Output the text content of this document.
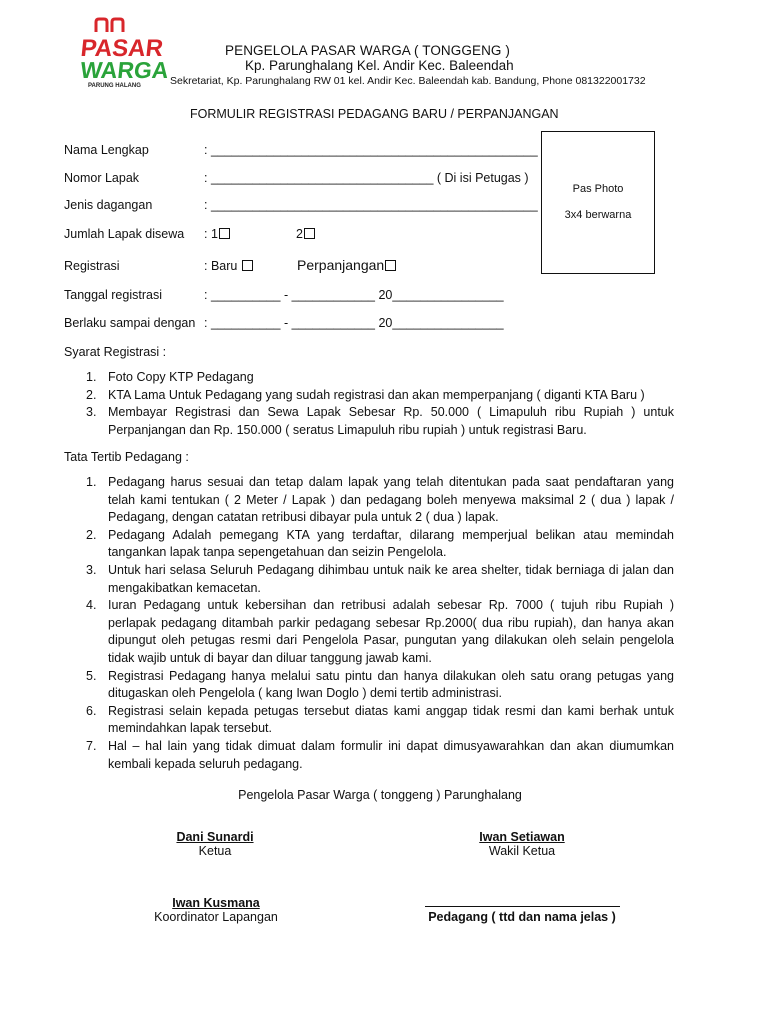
PASAR
WARGA
PARUNG HALANG
PENGELOLA PASAR WARGA ( TONGGENG )
Kp. Parunghalang Kel. Andir Kec. Baleendah
Sekretariat, Kp. Parunghalang RW 01 kel. Andir Kec. Baleendah kab. Bandung, Phone 081322001732
FORMULIR REGISTRASI PEDAGANG BARU / PERPANJANGAN
Nama Lengkap	: _______________________________________________
Nomor Lapak	: ________________________________ ( Di isi Petugas )
Jenis dagangan	: _______________________________________________
Jumlah Lapak disewa : 1	2
Registrasi	: Baru	Perpanjangan
Tanggal registrasi	: __________ - ____________ 20________________
Berlaku sampai dengan : __________ - ____________ 20________________
Pas Photo
3x4 berwarna
Syarat Registrasi :
1. Foto Copy KTP Pedagang
2. KTA Lama Untuk Pedagang yang sudah registrasi dan akan memperpanjang ( diganti KTA Baru )
3. Membayar Registrasi dan Sewa Lapak Sebesar Rp. 50.000 ( Limapuluh ribu Rupiah ) untuk Perpanjangan dan Rp. 150.000 ( seratus Limapuluh ribu rupiah ) untuk registrasi Baru.
Tata Tertib Pedagang :
1. Pedagang harus sesuai dan tetap dalam lapak yang telah ditentukan pada saat pendaftaran yang telah kami tentukan ( 2 Meter / Lapak ) dan pedagang boleh menyewa maksimal 2 ( dua ) lapak / Pedagang, dengan catatan retribusi dibayar pula untuk 2 ( dua ) lapak.
2. Pedagang Adalah pemegang KTA yang terdaftar, dilarang memperjual belikan atau memindah tangankan lapak tanpa sepengetahuan dan seizin Pengelola.
3. Untuk hari selasa Seluruh Pedagang dihimbau untuk naik ke area shelter, tidak berniaga di jalan dan mengakibatkan kemacetan.
4. Iuran Pedagang untuk kebersihan dan retribusi adalah sebesar Rp. 7000 ( tujuh ribu Rupiah ) perlapak pedagang ditambah parkir pedagang sebesar Rp.2000( dua ribu rupiah), dan hanya akan dipungut oleh petugas resmi dari Pengelola Pasar, pungutan yang dilakukan oleh selain pengelola tidak wajib untuk di bayar dan diluar tanggung jawab kami.
5. Registrasi Pedagang hanya melalui satu pintu dan hanya dilakukan oleh satu orang petugas yang ditugaskan oleh Pengelola ( kang Iwan Doglo ) demi tertib administrasi.
6. Registrasi selain kepada petugas tersebut diatas kami anggap tidak resmi dan kami berhak untuk memindahkan lapak tersebut.
7. Hal – hal lain yang tidak dimuat dalam formulir ini dapat dimusyawarahkan dan akan diumumkan kembali kepada seluruh pedagang.
Pengelola Pasar Warga ( tonggeng ) Parunghalang
Dani Sunardi
Ketua
Iwan Setiawan
Wakil Ketua
Iwan Kusmana
Koordinator Lapangan	Pedagang ( ttd dan nama jelas )
